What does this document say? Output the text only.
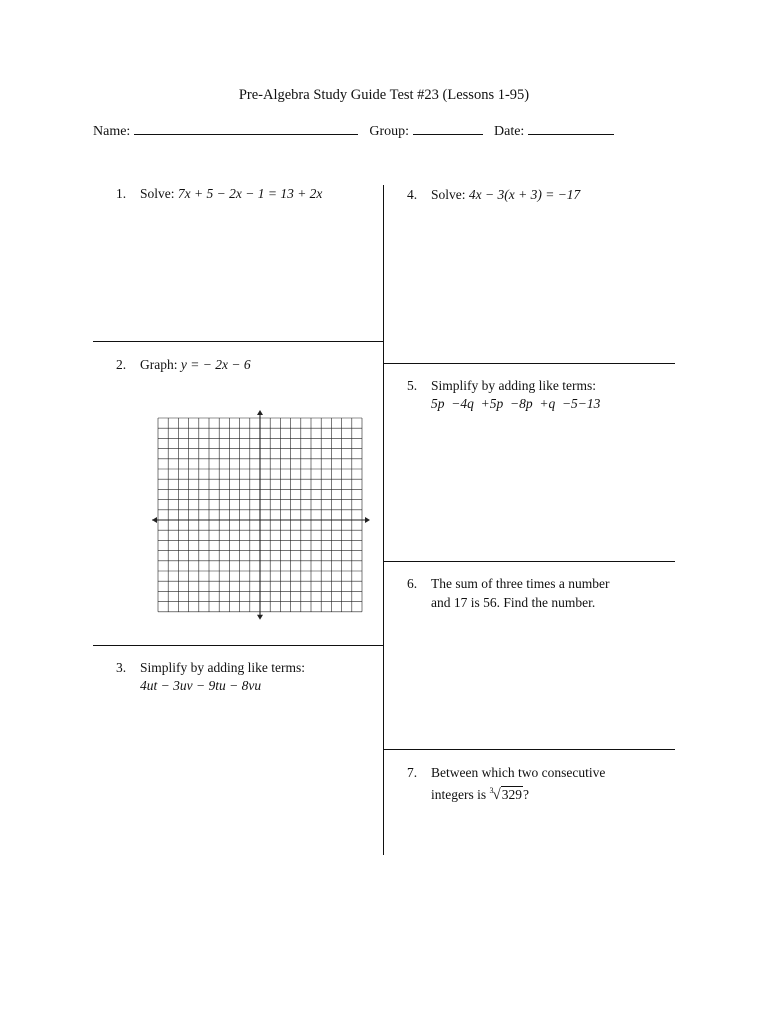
Pre-Algebra Study Guide Test #23 (Lessons 1-95)
Name:	Group:	Date:
1. Solve: 7x + 5 − 2x − 1 = 13 + 2x
2. Graph: y = − 2x − 6
3. Simplify by adding like terms:
4ut − 3uv − 9tu − 8vu
4. Solve: 4x − 3(x + 3) = −17
5. Simplify by adding like terms:
5p  −4q  +5p  −8p  +q  −5−13
6. The sum of three times a number
and 17 is 56. Find the number.
7. Between which two consecutive
integers is $^3$√329?
